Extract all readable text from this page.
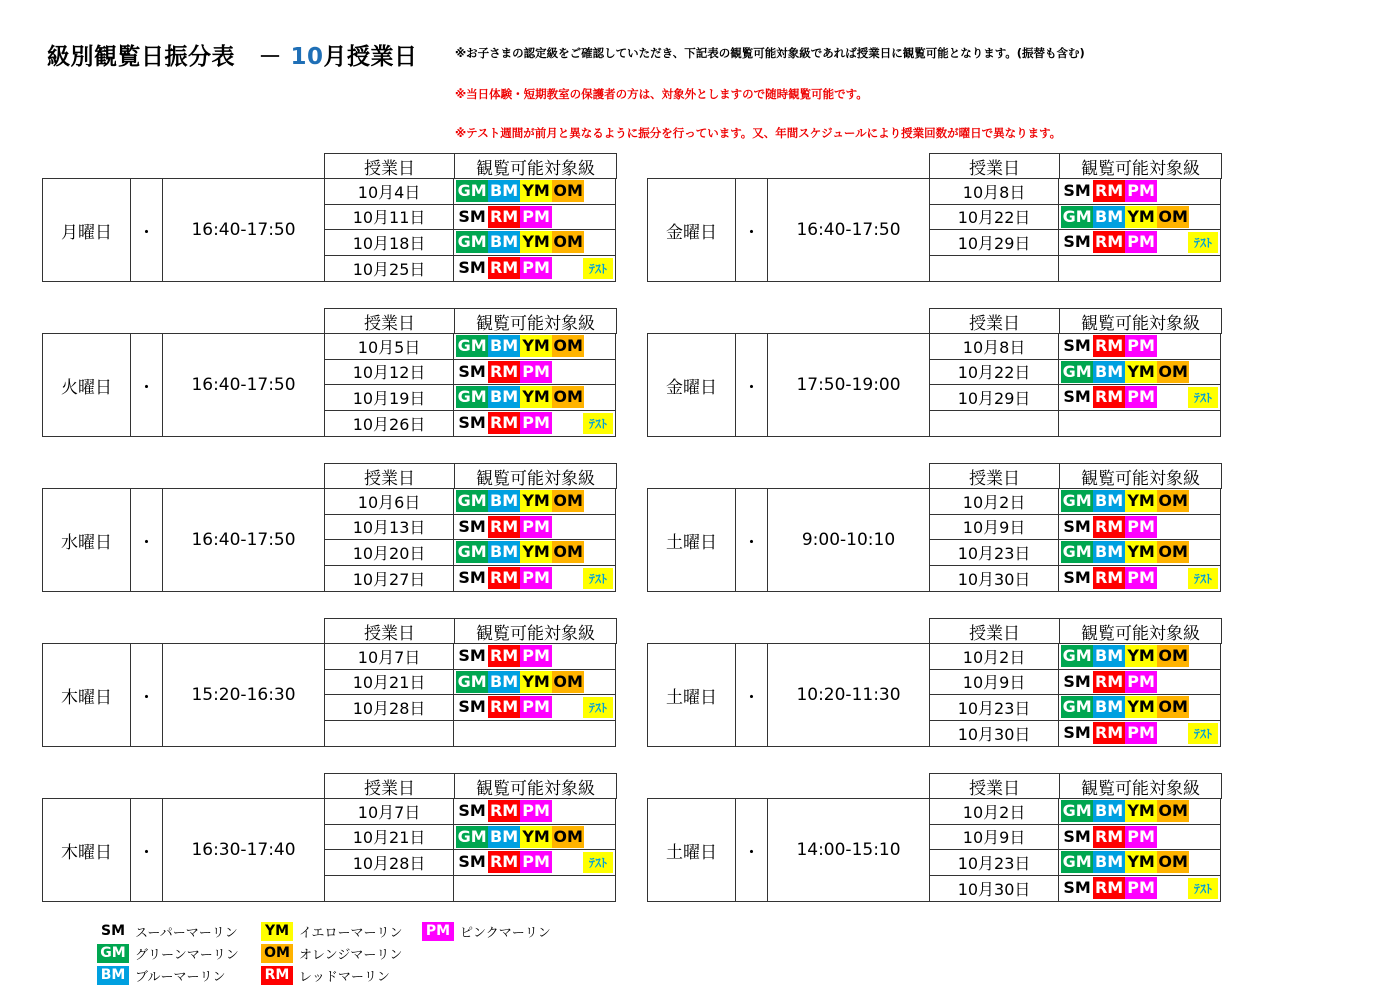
級別観覧日振分表　－ 10月授業日	※お子さまの認定級をご確認していただき、下記表の観覧可能対象級であれば授業日に観覧可能となります。(振替も含む)
※当日体験・短期教室の保護者の方は、対象外としますので随時観覧可能です。
※テスト週間が前月と異なるように振分を行っています。又、年間スケジュールにより授業回数が曜日で異なります。
授業日	観覧可能対象級
月曜日	・	16:40-17:50
10月4日	GM BM YM OM
10月11日	SM RM PM
10月18日	GM BM YM OM
10月25日	SM RM PM	ﾃｽﾄ
授業日	観覧可能対象級
金曜日	・	16:40-17:50
10月8日	SM RM PM
10月22日	GM BM YM OM
10月29日	SM RM PM	ﾃｽﾄ
授業日	観覧可能対象級
火曜日	・	16:40-17:50
10月5日	GM BM YM OM
10月12日	SM RM PM
10月19日	GM BM YM OM
10月26日	SM RM PM	ﾃｽﾄ
授業日	観覧可能対象級
金曜日	・	17:50-19:00
10月8日	SM RM PM
10月22日	GM BM YM OM
10月29日	SM RM PM	ﾃｽﾄ
授業日	観覧可能対象級
水曜日	・	16:40-17:50
10月6日	GM BM YM OM
10月13日	SM RM PM
10月20日	GM BM YM OM
10月27日	SM RM PM	ﾃｽﾄ
授業日	観覧可能対象級
土曜日	・	9:00-10:10
10月2日	GM BM YM OM
10月9日	SM RM PM
10月23日	GM BM YM OM
10月30日	SM RM PM	ﾃｽﾄ
授業日	観覧可能対象級
木曜日	・	15:20-16:30
10月7日	SM RM PM
10月21日	GM BM YM OM
10月28日	SM RM PM	ﾃｽﾄ
授業日	観覧可能対象級
土曜日	・	10:20-11:30
10月2日	GM BM YM OM
10月9日	SM RM PM
10月23日	GM BM YM OM
10月30日	SM RM PM	ﾃｽﾄ
授業日	観覧可能対象級
木曜日	・	16:30-17:40
10月7日	SM RM PM
10月21日	GM BM YM OM
10月28日	SM RM PM	ﾃｽﾄ
授業日	観覧可能対象級
土曜日	・	14:00-15:10
10月2日	GM BM YM OM
10月9日	SM RM PM
10月23日	GM BM YM OM
10月30日	SM RM PM	ﾃｽﾄ
SM スーパーマーリン
GM グリーンマーリン
BM ブルーマーリン
YM イエローマーリン
OM オレンジマーリン
RM レッドマーリン
PM ピンクマーリン
